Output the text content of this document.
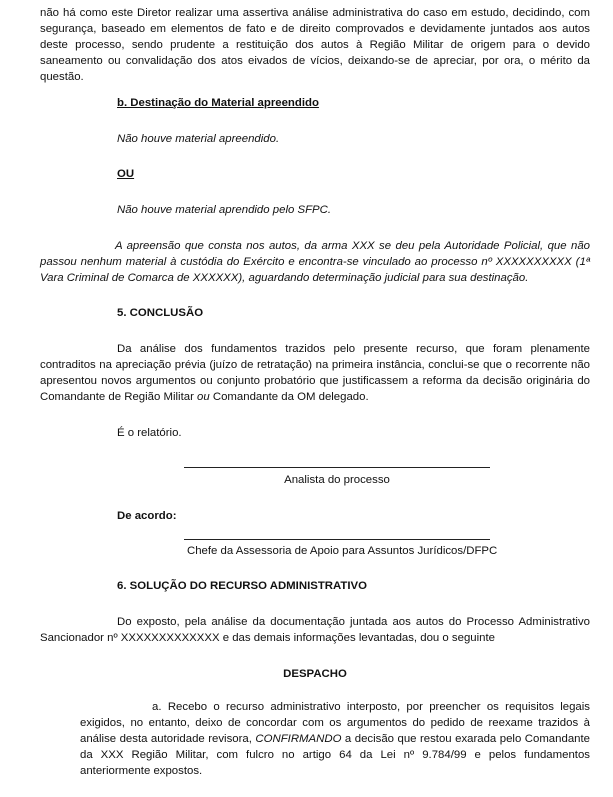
não há como este Diretor realizar uma assertiva análise administrativa do caso em estudo, decidindo, com segurança, baseado em elementos de fato e de direito comprovados e devidamente juntados aos autos deste processo, sendo prudente a restituição dos autos à Região Militar de origem para o devido saneamento ou convalidação dos atos eivados de vícios, deixando-se de apreciar, por ora, o mérito da questão.

b. Destinação do Material apreendido
Não houve material apreendido.
OU
Não houve material aprendido pelo SFPC.

A apreensão que consta nos autos, da arma XXX se deu pela Autoridade Policial, que não passou nenhum material à custódia do Exército e encontra-se vinculado ao processo nº XXXXXXXXXX (1ª Vara Criminal de Comarca de XXXXXX), aguardando determinação judicial para sua destinação.

5. CONCLUSÃO

Da análise dos fundamentos trazidos pelo presente recurso, que foram plenamente contraditos na apreciação prévia (juízo de retratação) na primeira instância, conclui-se que o recorrente não apresentou novos argumentos ou conjunto probatório que justificassem a reforma da decisão originária do Comandante de Região Militar ou Comandante da OM delegado.

É o relatório.
Analista do processo
De acordo:
Chefe da Assessoria de Apoio para Assuntos Jurídicos/DFPC
6. SOLUÇÃO DO RECURSO ADMINISTRATIVO

Do exposto, pela análise da documentação juntada aos autos do Processo Administrativo Sancionador nº XXXXXXXXXXXXX e das demais informações levantadas, dou o seguinte

DESPACHO

a. Recebo o recurso administrativo interposto, por preencher os requisitos legais exigidos, no entanto, deixo de concordar com os argumentos do pedido de reexame trazidos à análise desta autoridade revisora, CONFIRMANDO a decisão que restou exarada pelo Comandante da XXX Região Militar, com fulcro no artigo 64 da Lei nº 9.784/99 e pelos fundamentos anteriormente expostos.
